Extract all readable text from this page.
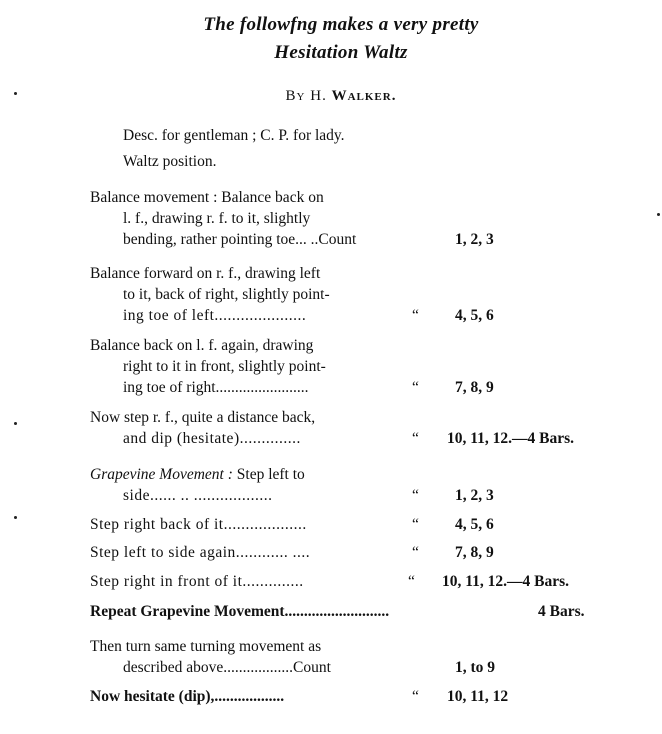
The followfng makes a very pretty
Hesitation Waltz
By H. Walker.
Desc. for gentleman ; C. P. for lady.
Waltz position.
Balance movement : Balance back on
l. f., drawing r. f. to it, slightly
bending, rather pointing toe... ..Count	1, 2, 3
Balance forward on r. f., drawing left
to it, back of right, slightly point-
ing toe of left.....................	“ 4, 5, 6
Balance back on l. f. again, drawing
right to it in front, slightly point-
ing toe of right........................	“ 7, 8, 9
Now step r. f., quite a distance back,
and dip (hesitate)..............	“ 10, 11, 12.—4 Bars.
Grapevine Movement : Step left to
side...... .. ..................	“ 1, 2, 3
Step right back of it...................	“ 4, 5, 6
Step left to side again............ ....	“ 7, 8, 9
Step right in front of it..............	“ 10, 11, 12.—4 Bars.
Repeat Grapevine Movement...........................	4 Bars.
Then turn same turning movement as
described above..................Count	1, to 9
Now hesitate (dip),..................	“ 10, 11, 12
